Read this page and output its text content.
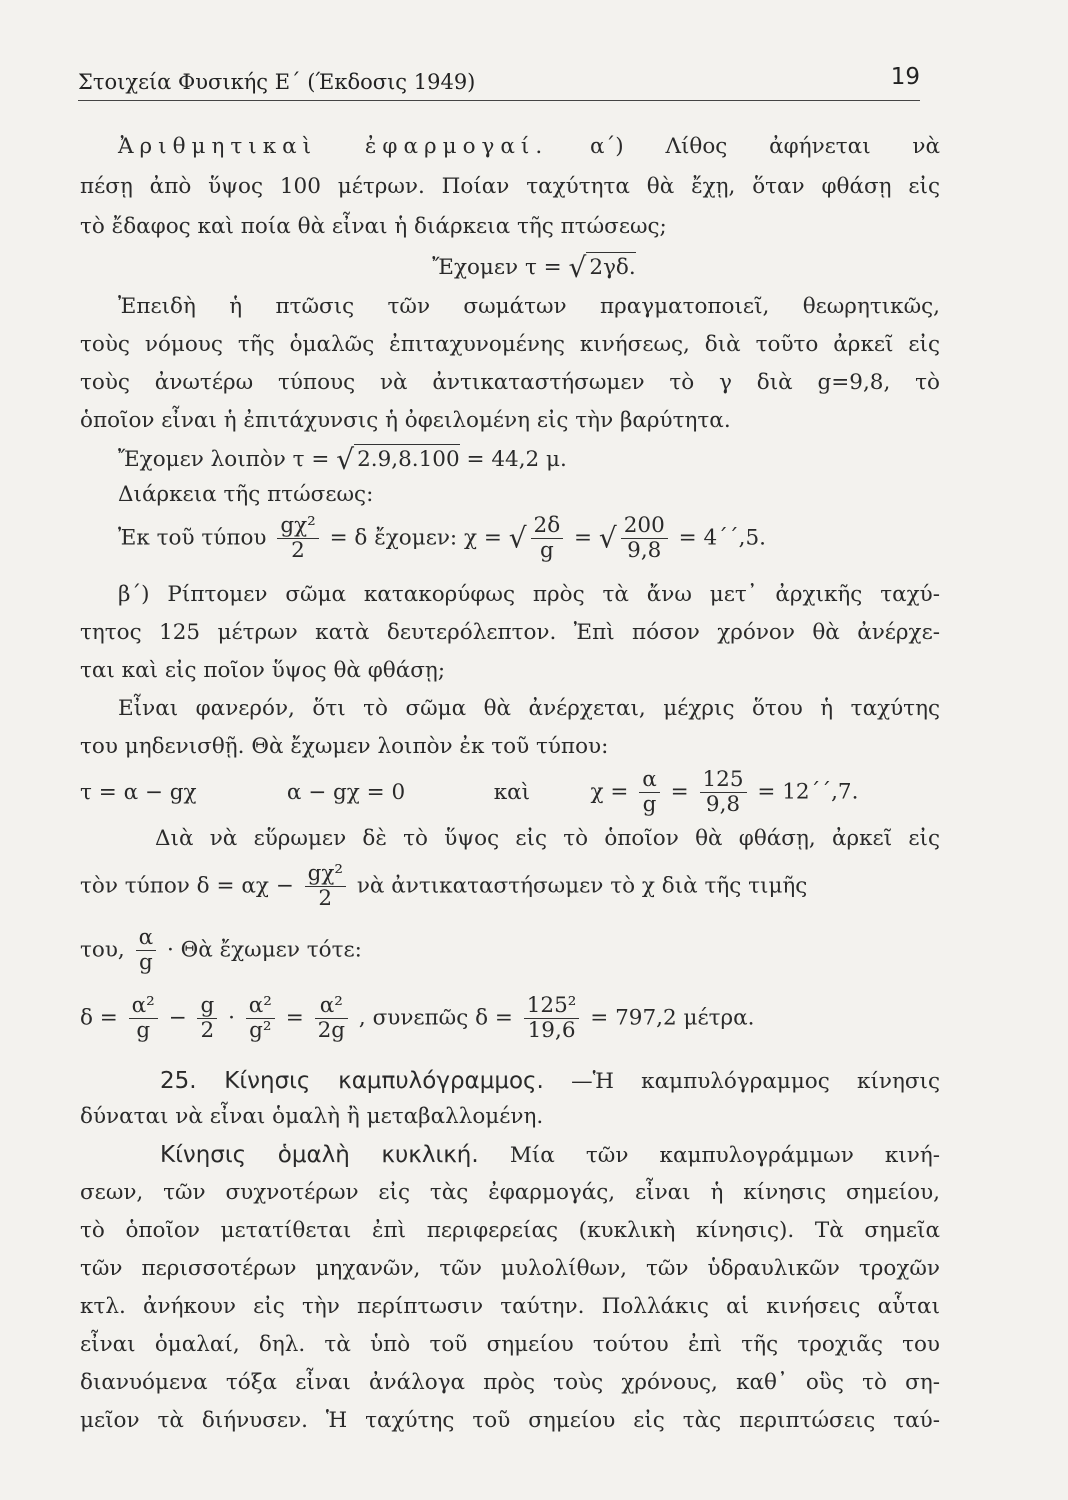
Στοιχεία Φυσικής Ε΄ (Έκδοσις 1949)	19
Ἀριθμητικαὶ ἐφαρμογαί. α΄) Λίθος ἀφήνεται νὰ
πέσῃ ἀπὸ ὕψος 100 μέτρων. Ποίαν ταχύτητα θὰ ἔχῃ, ὅταν φθάσῃ εἰς
τὸ ἔδαφος καὶ ποία θὰ εἶναι ἡ διάρκεια τῆς πτώσεως;
Ἔχομεν τ = √ 2γδ.
Ἐπειδὴ ἡ πτῶσις τῶν σωμάτων πραγματοποιεῖ, θεωρητικῶς,
τοὺς νόμους τῆς ὁμαλῶς ἐπιταχυνομένης κινήσεως, διὰ τοῦτο ἀρκεῖ εἰς
τοὺς ἀνωτέρω τύπους νὰ ἀντικαταστήσωμεν τὸ γ διὰ g=9,8, τὸ
ὁποῖον εἶναι ἡ ἐπιτάχυνσις ἡ ὀφειλομένη εἰς τὴν βαρύτητα.
Ἔχομεν λοιπὸν τ = √ 2.9,8.100 = 44,2 μ.
Διάρκεια τῆς πτώσεως:
Ἐκ τοῦ τύπου $\frac{\text{gχ²}}{2} = \delta$ ἔχομεν: χ = √ $\frac{2\delta}{g}$ = √ $\frac{200}{9,8} = 4΄΄,5$.
β΄) Ρίπτομεν σῶμα κατακορύφως πρὸς τὰ ἄνω μετ᾽ ἀρχικῆς ταχύ-
τητος 125 μέτρων κατὰ δευτερόλεπτον. Ἐπὶ πόσον χρόνον θὰ ἀνέρχε-
ται καὶ εἰς ποῖον ὕψος θὰ φθάσῃ;
Εἶναι φανερόν, ὅτι τὸ σῶμα θὰ ἀνέρχεται, μέχρις ὅτου ἡ ταχύτης
του μηδενισθῇ. Θὰ ἔχωμεν λοιπὸν ἐκ τοῦ τύπου:
τ = α − gχ	α − gχ = 0	καὶ	$\chi = \frac{\alpha}{g} = \frac{125}{9,8} = 12΄΄,7$.
Διὰ νὰ εὕρωμεν δὲ τὸ ὕψος εἰς τὸ ὁποῖον θὰ φθάσῃ, ἀρκεῖ εἰς
τὸν τύπον $\delta = \alpha\chi - \frac{\text{gχ²}}{2}$ νὰ ἀντικαταστήσωμεν τὸ χ διὰ τῆς τιμῆς
του, $\frac{\alpha}{g}$ · Θὰ ἔχωμεν τότε:
$\delta = \frac{\text{α²}}{g} - \frac{g}{2} \cdot \frac{\text{α²}}{\text{g²}} = \frac{\text{α²}}{2g}$ , συνεπῶς $\delta = \frac{\text{125²}}{19,6} = 797,2$ μέτρα.
25. Κίνησις καμπυλόγραμμος. —Ἡ καμπυλόγραμμος κίνησις
δύναται νὰ εἶναι ὁμαλὴ ἢ μεταβαλλομένη.
Κίνησις ὁμαλὴ κυκλική. Μία τῶν καμπυλογράμμων κινή-
σεων, τῶν συχνοτέρων εἰς τὰς ἐφαρμογάς, εἶναι ἡ κίνησις σημείου,
τὸ ὁποῖον μετατίθεται ἐπὶ περιφερείας (κυκλικὴ κίνησις). Τὰ σημεῖα
τῶν περισσοτέρων μηχανῶν, τῶν μυλολίθων, τῶν ὑδραυλικῶν τροχῶν
κτλ. ἀνήκουν εἰς τὴν περίπτωσιν ταύτην. Πολλάκις αἱ κινήσεις αὗται
εἶναι ὁμαλαί, δηλ. τὰ ὑπὸ τοῦ σημείου τούτου ἐπὶ τῆς τροχιᾶς του
διανυόμενα τόξα εἶναι ἀνάλογα πρὸς τοὺς χρόνους, καθ᾽ οὓς τὸ ση-
μεῖον τὰ διήνυσεν. Ἡ ταχύτης τοῦ σημείου εἰς τὰς περιπτώσεις ταύ-
